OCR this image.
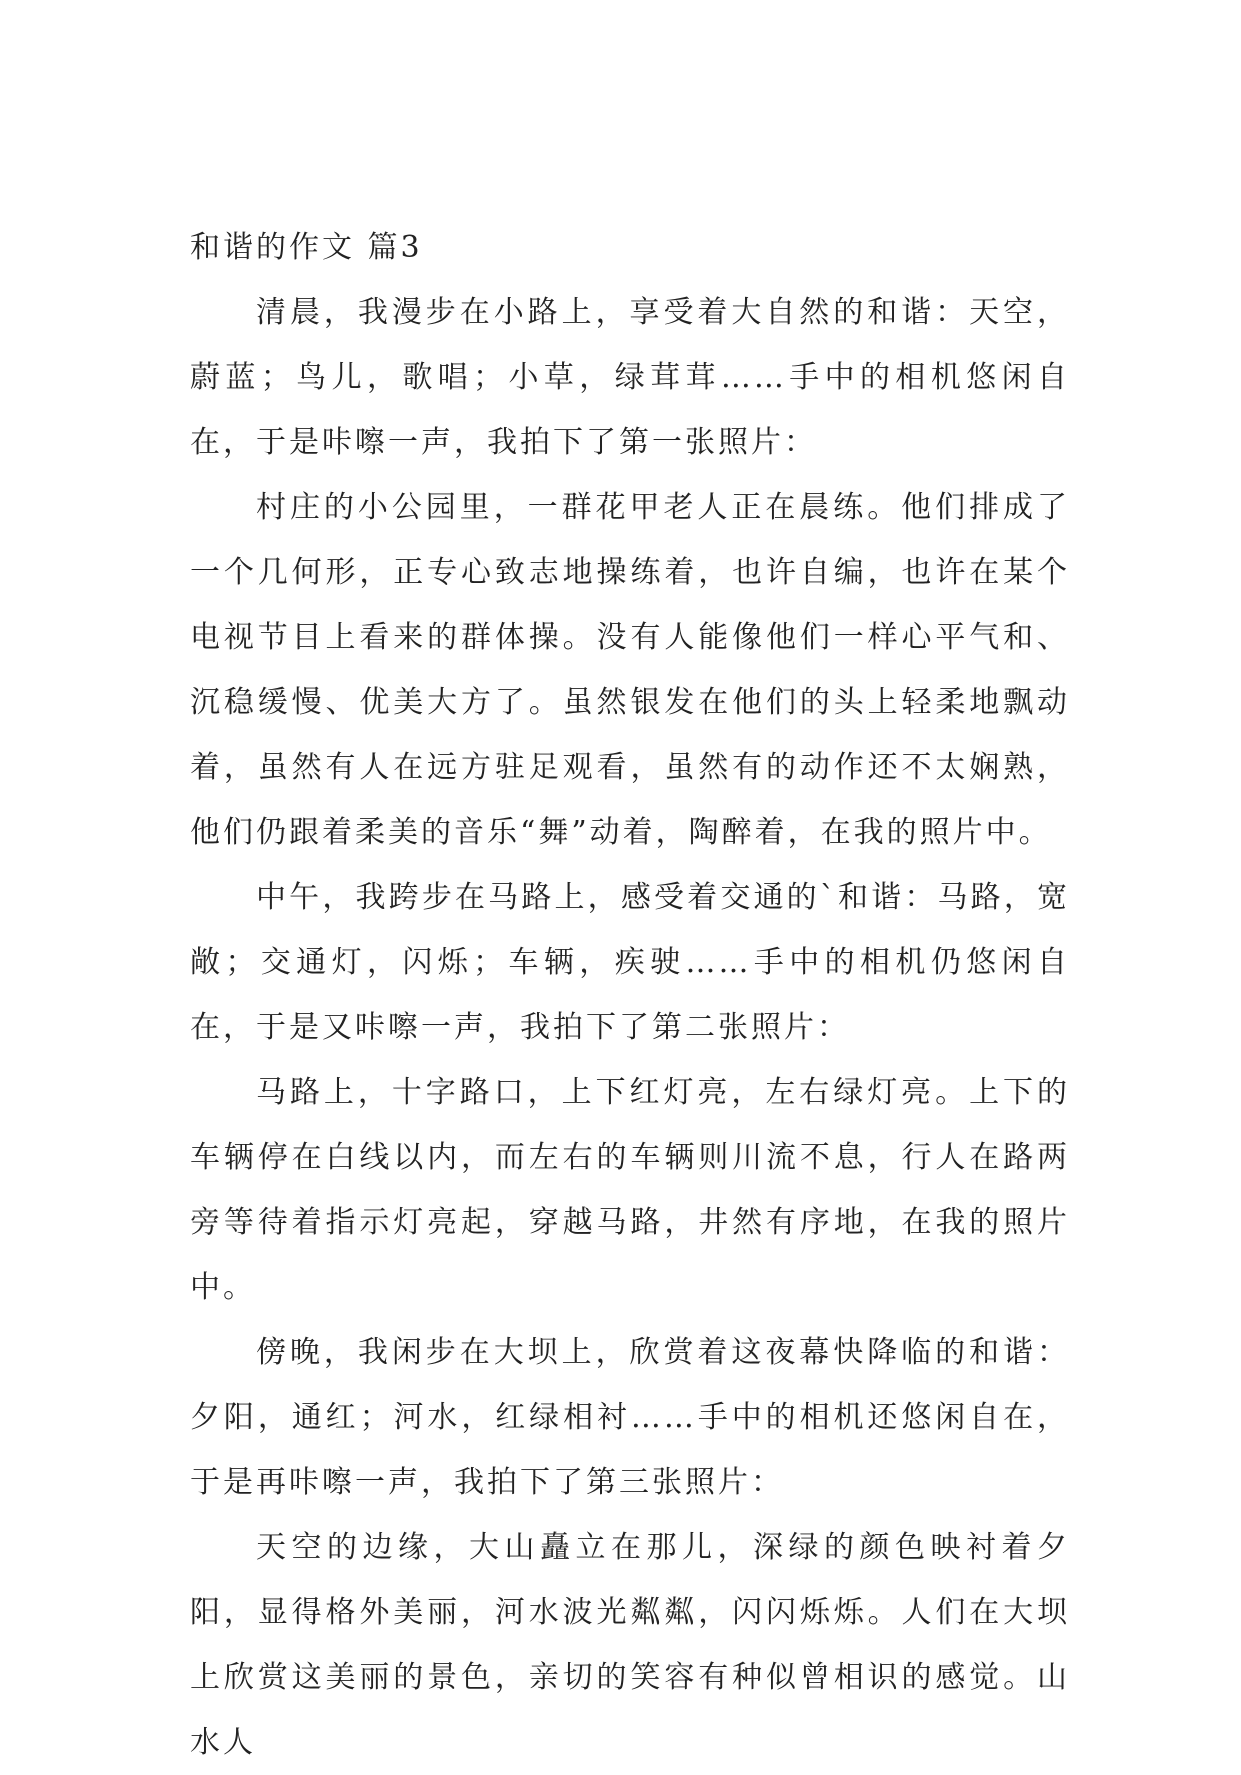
和谐的作文 篇3

清晨，我漫步在小路上，享受着大自然的和谐：天空，蔚蓝；鸟儿，歌唱；小草，绿茸茸……手中的相机悠闲自在，于是咔嚓一声，我拍下了第一张照片：

村庄的小公园里，一群花甲老人正在晨练。他们排成了一个几何形，正专心致志地操练着，也许自编，也许在某个电视节目上看来的群体操。没有人能像他们一样心平气和、沉稳缓慢、优美大方了。虽然银发在他们的头上轻柔地飘动着，虽然有人在远方驻足观看，虽然有的动作还不太娴熟，他们仍跟着柔美的音乐“舞”动着，陶醉着，在我的照片中。

中午，我跨步在马路上，感受着交通的`和谐：马路，宽敞；交通灯，闪烁；车辆，疾驶……手中的相机仍悠闲自在，于是又咔嚓一声，我拍下了第二张照片：

马路上，十字路口，上下红灯亮，左右绿灯亮。上下的车辆停在白线以内，而左右的车辆则川流不息，行人在路两旁等待着指示灯亮起，穿越马路，井然有序地，在我的照片中。

傍晚，我闲步在大坝上，欣赏着这夜幕快降临的和谐：夕阳，通红；河水，红绿相衬……手中的相机还悠闲自在，于是再咔嚓一声，我拍下了第三张照片：

天空的边缘，大山矗立在那儿，深绿的颜色映衬着夕阳，显得格外美丽，河水波光粼粼，闪闪烁烁。人们在大坝上欣赏这美丽的景色，亲切的笑容有种似曾相识的感觉。山水人
